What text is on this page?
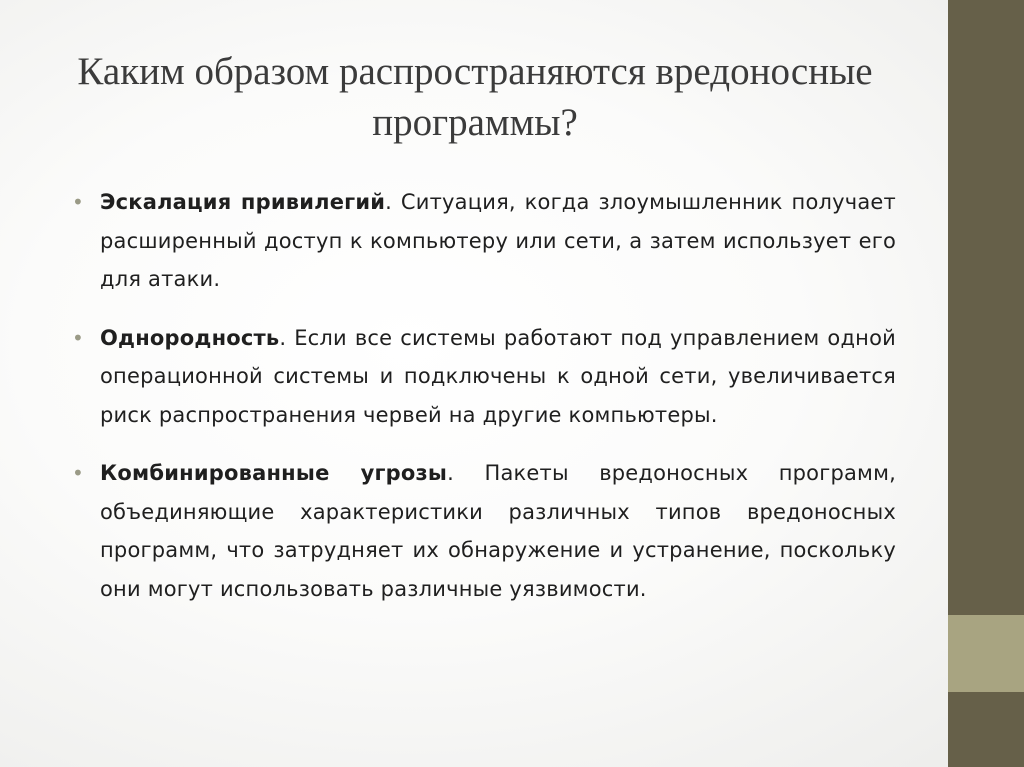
Каким образом распространяются вредоносные программы?
• Эскалация привилегий. Ситуация, когда злоумышленник получает расширенный доступ к компьютеру или сети, а затем использует его для атаки.
• Однородность. Если все системы работают под управлением одной операционной системы и подключены к одной сети, увеличивается риск распространения червей на другие компьютеры.
• Комбинированные угрозы. Пакеты вредоносных программ, объединяющие характеристики различных типов вредоносных программ, что затрудняет их обнаружение и устранение, поскольку они могут использовать различные уязвимости.
